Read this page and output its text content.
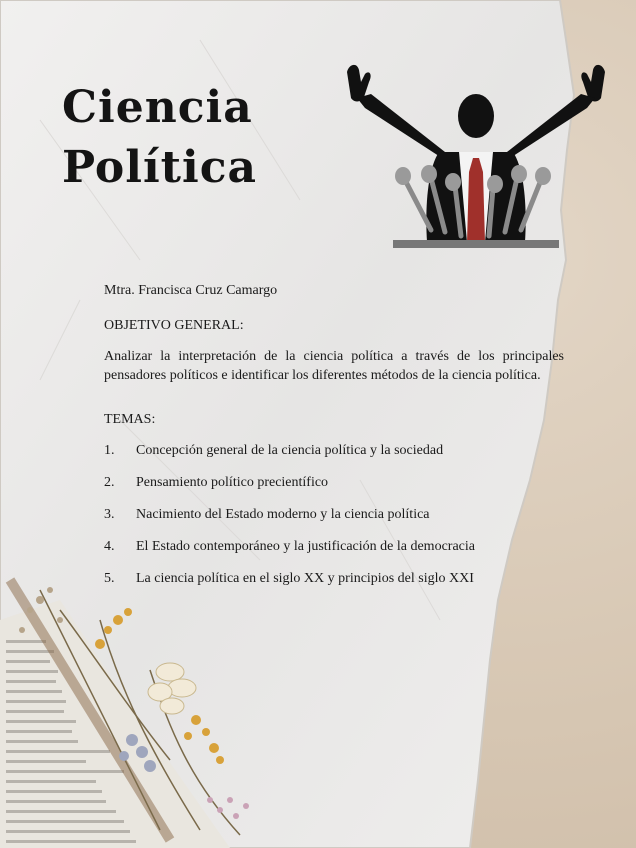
Ciencia
Política
Mtra. Francisca Cruz Camargo
OBJETIVO GENERAL:

Analizar la interpretación de la ciencia política a través de los principales pensadores políticos e identificar los diferentes métodos de la ciencia política.

TEMAS:
1.	Concepción general de la ciencia política y la sociedad
2.	Pensamiento político precientífico
3.	Nacimiento del Estado moderno y la ciencia política
4.	El Estado contemporáneo y la justificación de la democracia
5.	La ciencia política en el siglo XX y principios del siglo XXI
